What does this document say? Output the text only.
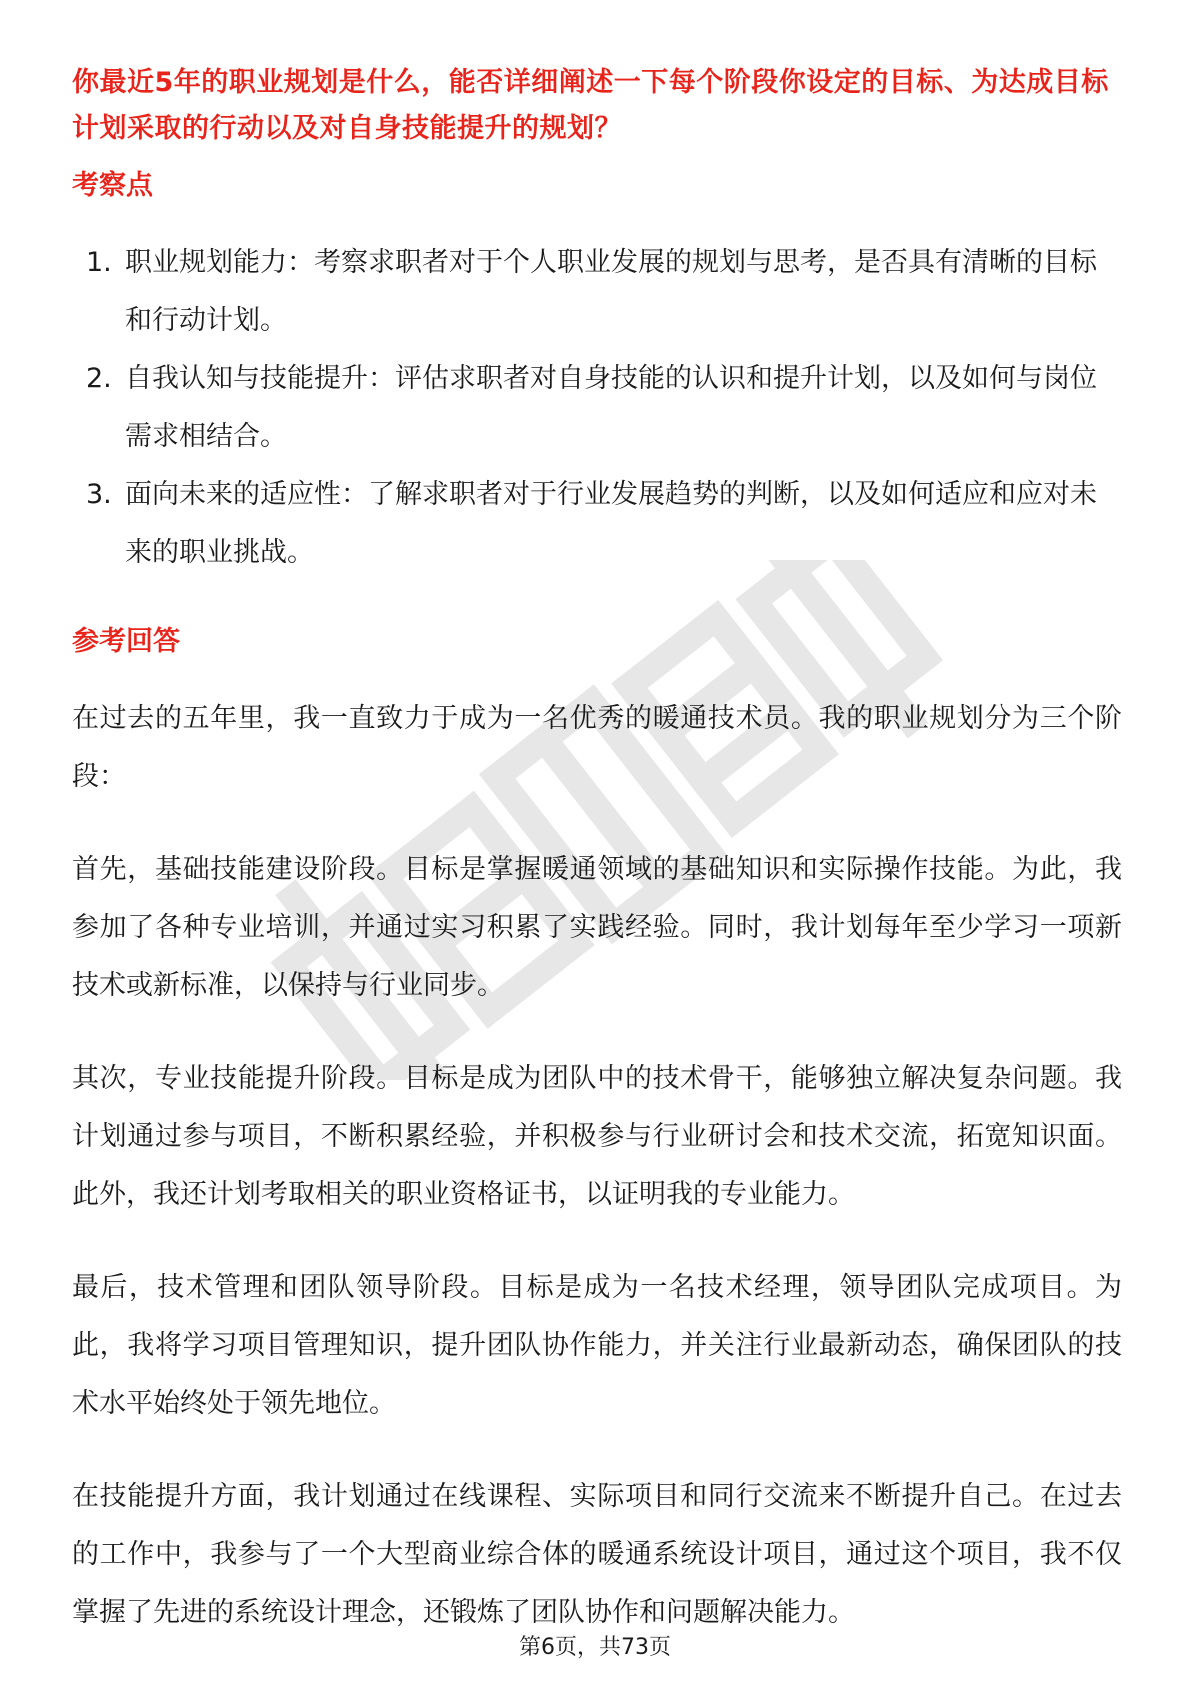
你最近5年的职业规划是什么，能否详细阐述一下每个阶段你设定的目标、为达成目标计划采取的行动以及对自身技能提升的规划？
考察点
1. 职业规划能力：考察求职者对于个人职业发展的规划与思考，是否具有清晰的目标和行动计划。
2. 自我认知与技能提升：评估求职者对自身技能的认识和提升计划，以及如何与岗位需求相结合。
3. 面向未来的适应性：了解求职者对于行业发展趋势的判断，以及如何适应和应对未来的职业挑战。
参考回答

在过去的五年里，我一直致力于成为一名优秀的暖通技术员。我的职业规划分为三个阶段：

首先，基础技能建设阶段。目标是掌握暖通领域的基础知识和实际操作技能。为此，我参加了各种专业培训，并通过实习积累了实践经验。同时，我计划每年至少学习一项新技术或新标准，以保持与行业同步。

其次，专业技能提升阶段。目标是成为团队中的技术骨干，能够独立解决复杂问题。我计划通过参与项目，不断积累经验，并积极参与行业研讨会和技术交流，拓宽知识面。此外，我还计划考取相关的职业资格证书，以证明我的专业能力。

最后，技术管理和团队领导阶段。目标是成为一名技术经理，领导团队完成项目。为此，我将学习项目管理知识，提升团队协作能力，并关注行业最新动态，确保团队的技术水平始终处于领先地位。

在技能提升方面，我计划通过在线课程、实际项目和同行交流来不断提升自己。在过去的工作中，我参与了一个大型商业综合体的暖通系统设计项目，通过这个项目，我不仅掌握了先进的系统设计理念，还锻炼了团队协作和问题解决能力。

第6页，共73页
